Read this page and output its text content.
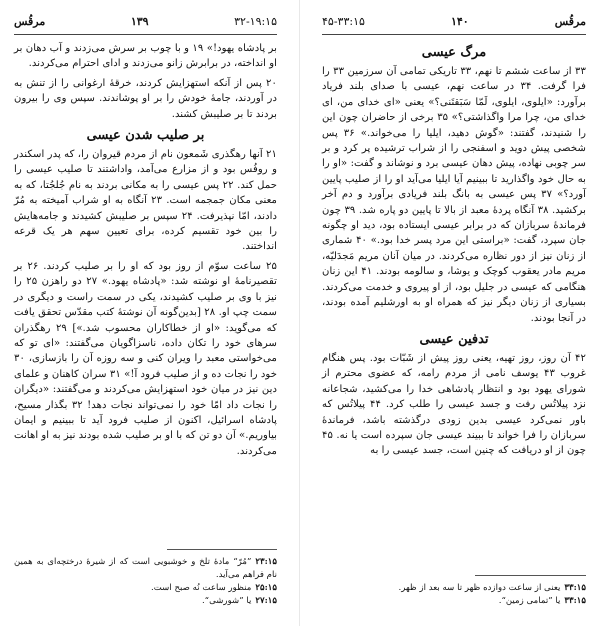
۳۲-۱۹:۱۵
۱۳۹
مرقُس

بر پادشاه یهود!» ۱۹ و با چوب بر سرش می‌زدند و آب دهان بر او انداخته، در برابرش زانو می‌زدند و ادای احترام می‌کردند.

۲۰ پس از آنکه استهزایش کردند، خرقهٔ ارغوانی را از تنش به در آوردند، جامهٔ خودش را بر او پوشاندند. سپس وی را بیرون بردند تا بر صلیبش کشند.

بر صلیب شدن عیسی

۲۱ آنها رهگذری شَمعون نام از مردم قیروان را، که پدر اسکندر و روفُس بود و از مزارع می‌آمد، واداشتند تا صلیب عیسی را حمل کند. ۲۲ پس عیسی را به مکانی بردند به نام جُلجُتا، که به معنی مکان جمجمه است. ۲۳ آنگاه به او شراب آمیخته به مُرّ دادند، امّا نپذیرفت. ۲۴ سپس بر صلیبش کشیدند و جامه‌هایش را بین خود تقسیم کرده، برای تعیین سهم هر یک قرعه انداختند.

۲۵ ساعت سوّم از روز بود که او را بر صلیب کردند. ۲۶ بر تقصیرنامهٔ او نوشته شد: «پادشاه یهود.» ۲۷ دو راهزن ۲۵ را نیز با وی بر صلیب کشیدند، یکی در سمت راست و دیگری در سمت چپ او. ۲۸ [بدین‌گونه آن نوشتهٔ کتب مقدّس تحقق یافت که می‌گوید: «او از خطاکاران محسوب شد.»] ۲۹ رهگذران سرهای خود را تکان داده، ناسزاگویان می‌گفتند: «ای تو که می‌خواستی معبد را ویران کنی و سه روزه آن را بازسازی، ۳۰ خود را نجات ده و از صلیب فرود آ!» ۳۱ سران کاهنان و علمای دین نیز در میان خود استهزایش می‌کردند و می‌گفتند: «دیگران را نجات داد امّا خود را نمی‌تواند نجات دهد! ۳۲ بگذار مسیح، پادشاه اسرائیل، اکنون از صلیب فرود آید تا ببینیم و ایمان بیاوریم.» آن دو تن که با او بر صلیب شده بودند نیز به او اهانت می‌کردند.

۲۳:۱۵”مُرّ“ مادهٔ تلخ و خوشبویی است که از شیرهٔ درختچه‌ای به همین نام فراهم می‌آید.

۲۵:۱۵منظور ساعت نُه صبح است.

۲۷:۱۵یا ”شورشی“.

مرقُس
۱۴۰
۴۵-۳۳:۱۵
مرگ عیسی

۳۳ از ساعت ششم تا نهم، ۳۳ تاریکی تمامی آن سرزمین ۳۳ را فرا گرفت. ۳۴ در ساعت نهم، عیسی با صدای بلند فریاد برآورد: «ایلوی، ایلوی، لَمّا سَبَقتَنی؟» یعنی «ای خدای من، ای خدای من، چرا مرا واگذاشتی؟» ۳۵ برخی از حاضران چون این را شنیدند، گفتند: «گوش دهید، ایلیا را می‌خواند.» ۳۶ پس شخصی پیش دوید و اسفنجی را از شراب ترشیده پر کرد و بر سر چوبی نهاده، پیش دهان عیسی برد و نوشاند و گفت: «او را به حال خود واگذارید تا ببینیم آیا ایلیا می‌آید او را از صلیب پایین آورد؟» ۳۷ پس عیسی به بانگ بلند فریادی برآورد و دم آخر برکشید. ۳۸ آنگاه پردهٔ معبد از بالا تا پایین دو پاره شد. ۳۹ چون فرماندهٔ سربازان که در برابر عیسی ایستاده بود، دید او چگونه جان سپرد، گفت: «براستی این مرد پسر خدا بود.» ۴۰ شماری از زنان نیز از دور نظاره می‌کردند. در میان آنان مریم مَجدَلیّه، مریم مادر یعقوب کوچک و یوشا، و سالومه بودند. ۴۱ این زنان هنگامی که عیسی در جلیل بود، از او پیروی و خدمت می‌کردند. بسیاری از زنان دیگر نیز که همراه او به اورشلیم آمده بودند، در آنجا بودند.

تدفین عیسی

۴۲ آن روز، روز تهیه، یعنی روز پیش از شَبّات بود. پس هنگام غروب ۴۳ یوسف نامی از مردم رامه، که عضوی محترم از شورای یهود بود و انتظار پادشاهی خدا را می‌کشید، شجاعانه نزد پیلاتُس رفت و جسد عیسی را طلب کرد. ۴۴ پیلاتُس که باور نمی‌کرد عیسی بدین زودی درگذشته باشد، فرماندهٔ سربازان را فرا خواند تا ببیند عیسی جان سپرده است یا نه. ۴۵ چون از او دریافت که چنین است، جسد عیسی را به

۳۳:۱۵یعنی از ساعت دوازده ظهر تا سه بعد از ظهر.

۳۳:۱۵یا ”تمامی زمین“.
